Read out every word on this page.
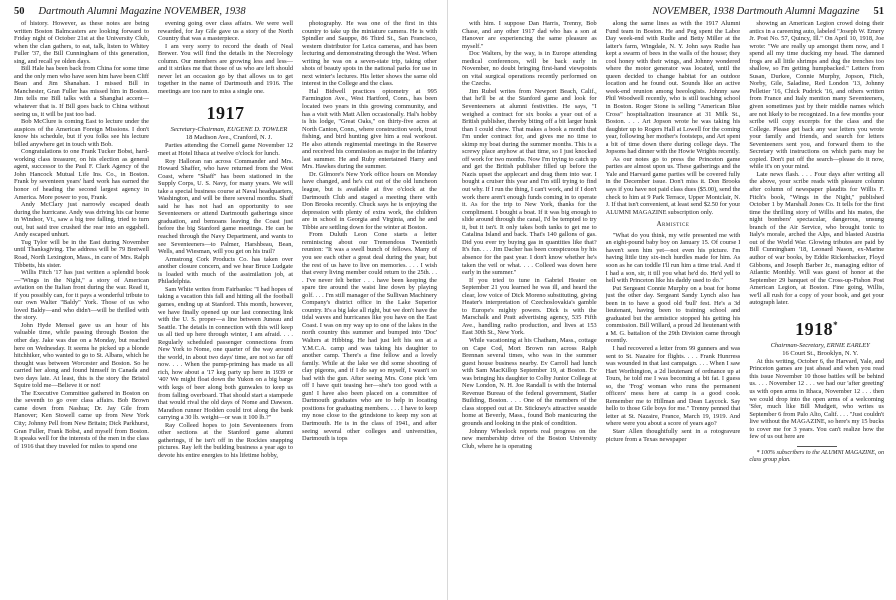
50 Dartmouth Alumni Magazine NOVEMBER, 1938

of history. However, as these notes are being written Boston Balmcasters are looking forward to Friday night of October 21st at the University Club, when the clan gathers, to eat, talk, listen to Whitey Fuller '37, the Bill Cunningham of this generation, sing, and recall ye olden days.

Bill Hale has been back from China for some time and the only men who have seen him have been Cliff Bean and Jim Shanahan. I missed Bill in Manchester, Gran Fuller has missed him in Boston. Jim tells me Bill talks with a Shanghai accent—whatever that is. If Bill goes back to China without seeing us, it will be just too bad.

Bob McClure is coming East to lecture under the auspices of the American Foreign Missions. I don't know his schedule, but if you folks see his lecture billed anywhere get in touch with Bob.

Congratulations to one Frank Tucker Bobst, hard-working class treasurer, on his election as general agent, successor to the Paul F. Clark Agency of the John Hancock Mutual Life Ins. Co., in Boston. Frank by seventeen years' hard work has earned the honor of heading the second largest agency in America. More power to you, Frank.

Andy McClary just narrowly escaped death during the hurricane. Andy was driving his car home in Windsor, Vt., saw a big tree falling, tried to turn out, but said tree crushed the rear into an eggshell. Andy escaped unhurt.

Tug Tylor will be in the East during November until Thanksgiving. The address will be 79 Bretwell Road, North Lexington, Mass., in care of Mrs. Ralph Tibbetts, his sister.

Willis Fitch '17 has just written a splendid book—"Wings in the Night," a story of American aviation on the Italian front during the war. Read it, if you possibly can, for it pays a wonderful tribute to our own Walter "Baldy" York. Those of us who loved Baldy—and who didn't—will be thrilled with the story.

John Hyde Mensel gave us an hour of his valuable time, while passing through Boston the other day. Jake was due on a Monday, but reached here on Wednesday. It seems he picked up a blonde hitchhiker, who wanted to go to St. Albans, which he thought was between Worcester and Boston. So he carried her along and found himself in Canada and two days late. At least, this is the story the Bristol Squire told me—Believe it or not!

The Executive Committee gathered in Boston on the seventh to go over class affairs. Bob Brown came down from Nashua; Dr. Jay Gile from Hanover; Ken Stowell came up from New York City; Johnny Pell from New Britain; Dick Parkhurst, Gran Fuller, Frank Bobst, and myself from Boston. It speaks well for the interests of the men in the class of 1916 that they traveled for miles to spend one

evening going over class affairs. We were well rewarded, for Jay Gile gave us a story of the North Country that was a masterpiece.

I am very sorry to record the death of Neal Brewer. You will find the details in the Necrology column. Our members are growing less and less—and it strikes me that those of us who are left should never let an occasion go by that allows us to get together in the name of Dartmouth and 1916. The meetings are too rare to miss a single one.

1917

Secretary-Chairman, EUGENE D. TOWLER

18 Madison Ave., Cranford, N. J.

Parties attending the Cornell game November 12 meet at Hotel Ithaca at twelve o'clock for lunch.

Roy Halloran ran across Commander and Mrs. Howard Shaffer, who have returned from the West Coast, where "Shaff" has been stationed in the Supply Corps, U. S. Navy, for many years. We will take a special business course at Naval headquarters, Washington, and will be there several months. Shaff said he has not had an opportunity to see Seventeeners or attend Dartmouth gatherings since graduation, and bemoans leaving the Coast just before the big Stanford game meetings. He can be reached through the Navy Department, and wants to see Seventeeners—to Palmer, Harshbeau, Bean, Wells, and Wiesman, will you get on his trail?

Armstrong Cork Products Co. has taken over another closure concern, and we hear Bruce Ludgate is loaded with much of the assimilation job, at Philadelphia.

Sam White writes from Fairbanks: "I had hopes of taking a vacation this fall and hitting all the football games, ending up at Stanford. This month, however, we have finally opened up our last connecting link with the U. S. proper—a line between Juneau and Seattle. The details in connection with this will keep us all tied up here through winter, I am afraid. . . . Regularly scheduled passenger connections from New York to Nome, one quarter of the way around the world, in about two days' time, are not so far off now. . . . When the pump-priming has made us all rich, how about a '17 keg party up here in 1939 or '40? We might float down the Yukon on a big barge with kegs of beer along both gunwales to keep us from falling overboard. That should start a stampede that would rival the old days of Nome and Dawson. Marathon runner Hodden could trot along the bank carrying a 30 lb. weight—or was it 100 lb.?"

Ray Colleed hopes to join Seventeeners from other sections at the Stanford game alumni gatherings, if he isn't off in the Rockies snapping pictures. Ray left the building business a year ago to devote his entire energies to his lifetime hobby,

photography. He was one of the first in this country to take up the miniature camera. He is with Spindler and Sauppe, 86 Third St., San Francisco, western distributor for Leica cameras, and has been lecturing and demonstrating through the West. When writing he was on a seven-state trip, taking other shots of beauty spots in the national parks for use in next winter's lectures. His letter shows the same old interest in the College and the class.

Hal Bidwell practices optometry at 995 Farmington Ave., West Hartford, Conn., has been located two years in this growing community, and has a visit with Matt Allen occasionally. Hal's hobby is his lodge, "Great Oaks," on thirty-five acres at North Canton, Conn., where construction work, trout fishing, and bird hunting give him a real workout. He also attends regimental meetings in the Reserve and received his commission as major in the infantry last summer. He and Ruby entertained Harry and Mrs. Hawkes during the summer.

Dr. Gilmore's New York office hours on Monday have changed, and he's cut out of the old luncheon league, but is available at five o'clock at the Dartmouth Club and staged a meeting there with Don Brooks recently. Chuck says he is enjoying the depression with plenty of extra work, the children are in school in Georgia and Virginia, and he and Tibbie are settling down for the winter at Boston.

From Duluth Leon Cone starts a letter reminiscing about our Tremendous Twentieth reunion: "It was a swell bunch of fellows. Many of you see each other a great deal during the year, but the rest of us have to live on memories. . . . I wish that every living member could return to the 25th. . . . I've never felt better . . . have been keeping the spare tire around the waist line down by playing golf. . . . I'm still manager of the Sullivan Machinery Company's district office in the Lake Superior country. It's a big lake all right, but we don't have the tidal waves and hurricanes like you have on the East Coast. I was on my way up to one of the lakes in the north country this summer and bumped into 'Doc' Walters at Hibbing. He had just left his son at a Y.M.C.A. camp and was taking his daughter to another camp. There's a fine fellow and a lovely family. While at the lake we did some shooting of clay pigeons, and if I do say so myself, I wasn't so bad with the gun. After seeing Mrs. Cone pick 'em off I have quit teasing her—she's too good with a gun! I have also been placed on a committee of Dartmouth graduates who are to help in locating positions for graduating members. . . . I have to keep my nose close to the grindstone to keep my son at Dartmouth. He is in the class of 1941, and after seeing several other colleges and universities, Dartmouth is tops

NOVEMBER, 1938 Dartmouth Alumni Magazine 51

with him. I suppose Dan Harris, Trenny, Bob Chase, and any other 1917 dad who has a son at Hanover are experiencing the same pleasure as myself."

Doc Walters, by the way, is in Europe attending medical conferences, will be back early in November, no doubt bringing first-hand viewpoints on vital surgical operations recently performed on the Czechs.

Jim Rubel writes from Newport Beach, Calif., that he'll be at the Stanford game and look for Seventeeners at alumni festivities. He says, "I weighed a contract for six books a year out of a British publisher, thereby biting off a bit larger hunk than I could chew. That makes a book a month that I'm under contract for, and gives me no time to skimp my boat during the summer months. This is a screwy place anyhow at that time, so I just knocked off work for two months. Now I'm trying to catch up and get the British publisher filled up before the Nazis upset the applecart and drag them into war. I bought a cruiser this year and I'm still trying to find out why. If I run the thing, I can't work, and if I don't work there aren't enough funds coming in to operate it. As for the trip to New York, thanks for the compliment. I bought a boat. If it was big enough to slide around through the canal, I'd be tempted to try it, but it isn't. It only takes both tanks to get me to Catalina Island and back. That's 140 gallons of gas. Did you ever try buying gas in quantities like that? It's fun. . . . Jim Dacher has been conspicuous by his absence for the past year. I don't know whether he's taken the veil or what. . . . Colleed was down here early in the summer."

If you tried to tune in Gabriel Heater on September 21 you learned he was ill, and heard the clear, low voice of Dick Moreno substituting, giving Heater's interpretation of Czechoslovakia's gamble to Europe's mighty powers. Dick is with the Marschalk and Pratt advertising agency, 535 Fifth Ave., handling radio production, and lives at 153 East 30th St., New York.

While vacationing at his Chatham, Mass., cottage on Cape Cod, Mort Brown ran across Ralph Brennan several times, who was in the summer guest house business nearby. Ev Carroll had lunch with Sam MacKillop September 19, at Boston. Ev was bringing his daughter to Colby Junior College at New London, N. H. Joe Randall is with the Internal Revenue Bureau of the federal government, Statler Building, Boston. . . . One of the members of the class stopped out at Dr. Stickney's attractive seaside home at Beverly, Mass., found Bob manicuring the grounds and looking in the pink of condition.

Johnny Wheelock reports real progress on the new membership drive of the Boston University Club, where he is operating

along the same lines as with the 1917 Alumni Fund team in Boston. He and Peg spent the Labor Day week-end with Rudie and Betty Miller at the latter's farm, Wingdale, N. Y. John says Rudie has kept a swarm of bees in the walls of the house; they cool honey with their wings, and Johnny wondered where the motor generator was located, until the queen decided to change habitat for an outdoor location and he found out. Sounds like an active week-end reunion among beeologists. Johnny saw Phil Woodwell recently, who is still teaching school in Boston. Roger Stone is selling "American Blue Cross" hospitalization insurance at 31 Milk St., Boston. . . . Art Jopson wrote he was taking his daughter up to Rogers Hall at Lowell for the coming year, following her mother's footsteps, and Art spent a bit of time down there during college days. The Jopsons had dinner with the Howie Wrights recently.

As our notes go to press the Princeton game parties are almost upon us. These gatherings and the Yale and Harvard game parties will be covered fully in the December issue. Don't miss it. Don Brooks says if you have not paid class dues ($5.00), send the check to him at 9 Park Terrace, Upper Montclair, N. J. If that isn't convenient, at least send $2.50 for your ALUMNI MAGAZINE subscription only.

Armistice

"What do you think, my wife presented me with an eight-pound baby boy on January 15. Of course I haven't seen him yet—not even his picture. I'm having little tiny six-inch hurdles made for him. As soon as he can toddle I'll run him a time trial. And if I had a son, sir, it till you what he'd do. He'd yell to hell with Princeton like his daddy used to do."

Put Sergeant Connie Murphy on a boat for home just the other day. Sergeant Sandy Lynch also has been in to have a good old 'bull' fest. He's a 3d lieutenant, having been to training school and graduated but the armistice stopped his getting his commission. Bill Willard, a proud 2d lieutenant with a M. G. battalion of the 29th Division came through recently.

I had recovered a letter from 99 gunners and was sent to St. Nazaire for flights. . . . Frank Hunrress was wounded in that last campaign. . . . When I saw Hart Worthington, a 2d lieutenant of ordnance up at Tours, he told me I was becoming a bit fat. I guess so, the 'Frog' woman who runs the permanent officers' mess here at camp is a good cook. Remember me to Hillman and Dean Laycock. Say hello to those Gile boys for me." Trenny penned that letter at St. Nazaire, France, March 19, 1919. And where were you about a score of years ago?

Starr Allen thoughtfully sent in a rotogravure picture from a Texas newspaper

showing an American Legion crowd doing their antics in a careening auto, labeled "Joseph W. Emery Jr. Post No. 57, Quincy, Ill." On April 10, 1918, Joe wrote: "We are really up amongst them now, and I spend all my time ducking my head. The damned frogs are all little shrimps and dug the trenches too shallow, so I'm getting humpbacked." Letters from Susan, Durkee, Connie Murphy, Jopson, Fitch, Norby, Gile, Saladine, Red London '13, Johnny Pelletier '16, Chick Pudrick '16, and others written from France and Italy mention many Seventeeners, given sometimes just by their middle names which are not likely to be recognized. In a few months your scribe will copy excerpts for the class and the College. Please get back any war letters you wrote your family and friends, and search for letters Seventeeners sent you, and forward them to the Secretary with instructions on which parts may be copied. Don't put off the search—please do it now, while it's on your mind.

Late news flash. . . . Four days after writing all the above, your scribe reads with pleasure column after column of newspaper plaudits for Willis F. Fitch's book, "Wings in the Night," published October 1 by Marshall Jones Co. It tells for the first time the thrilling story of Willis and his mates, the night bombers' spectacular, dangerous, unsung branch of the Air Service, who brought tonic to Italy's morale, arched the Alps, and blasted Austria out of the World War. Glowing tributes are paid by Bill Cunningham '18, Leonard Nason, ex-Marine author of war books, by Eddie Rickenbacker, Floyd Gibbons, and Joseph Barber Jr., managing editor of Atlantic Monthly. Will was guest of honor at the September 29 banquet of the Cross-up-Fishon Post American Legion, at Boston. Fine going, Willis, we'll all rush for a copy of your book, and get your autograph later.

1918*

Chairman-Secretary, ERNIE EARLEY

16 Court St., Brooklyn, N. Y.

At this writing, October 6, the Harvard, Yale, and Princeton games are just ahead and when you read this issue November 10 those battles will be behind us. . . . November 12 . . . we had our 'after greeting' us with open arms in Ithaca, November 12 . . . then we could drop into the open arms of a welcoming 'Sfer, much like Bill Mudgett, who writes us September 6 from Palo Alto, Calif. . . . "Just couldn't live without the MAGAZINE, so here's my 15 bucks to cover me for 3 years. You can't realize how the few of us out here are

* 100% subscribers to the ALUMNI MAGAZINE, on class group plan.
